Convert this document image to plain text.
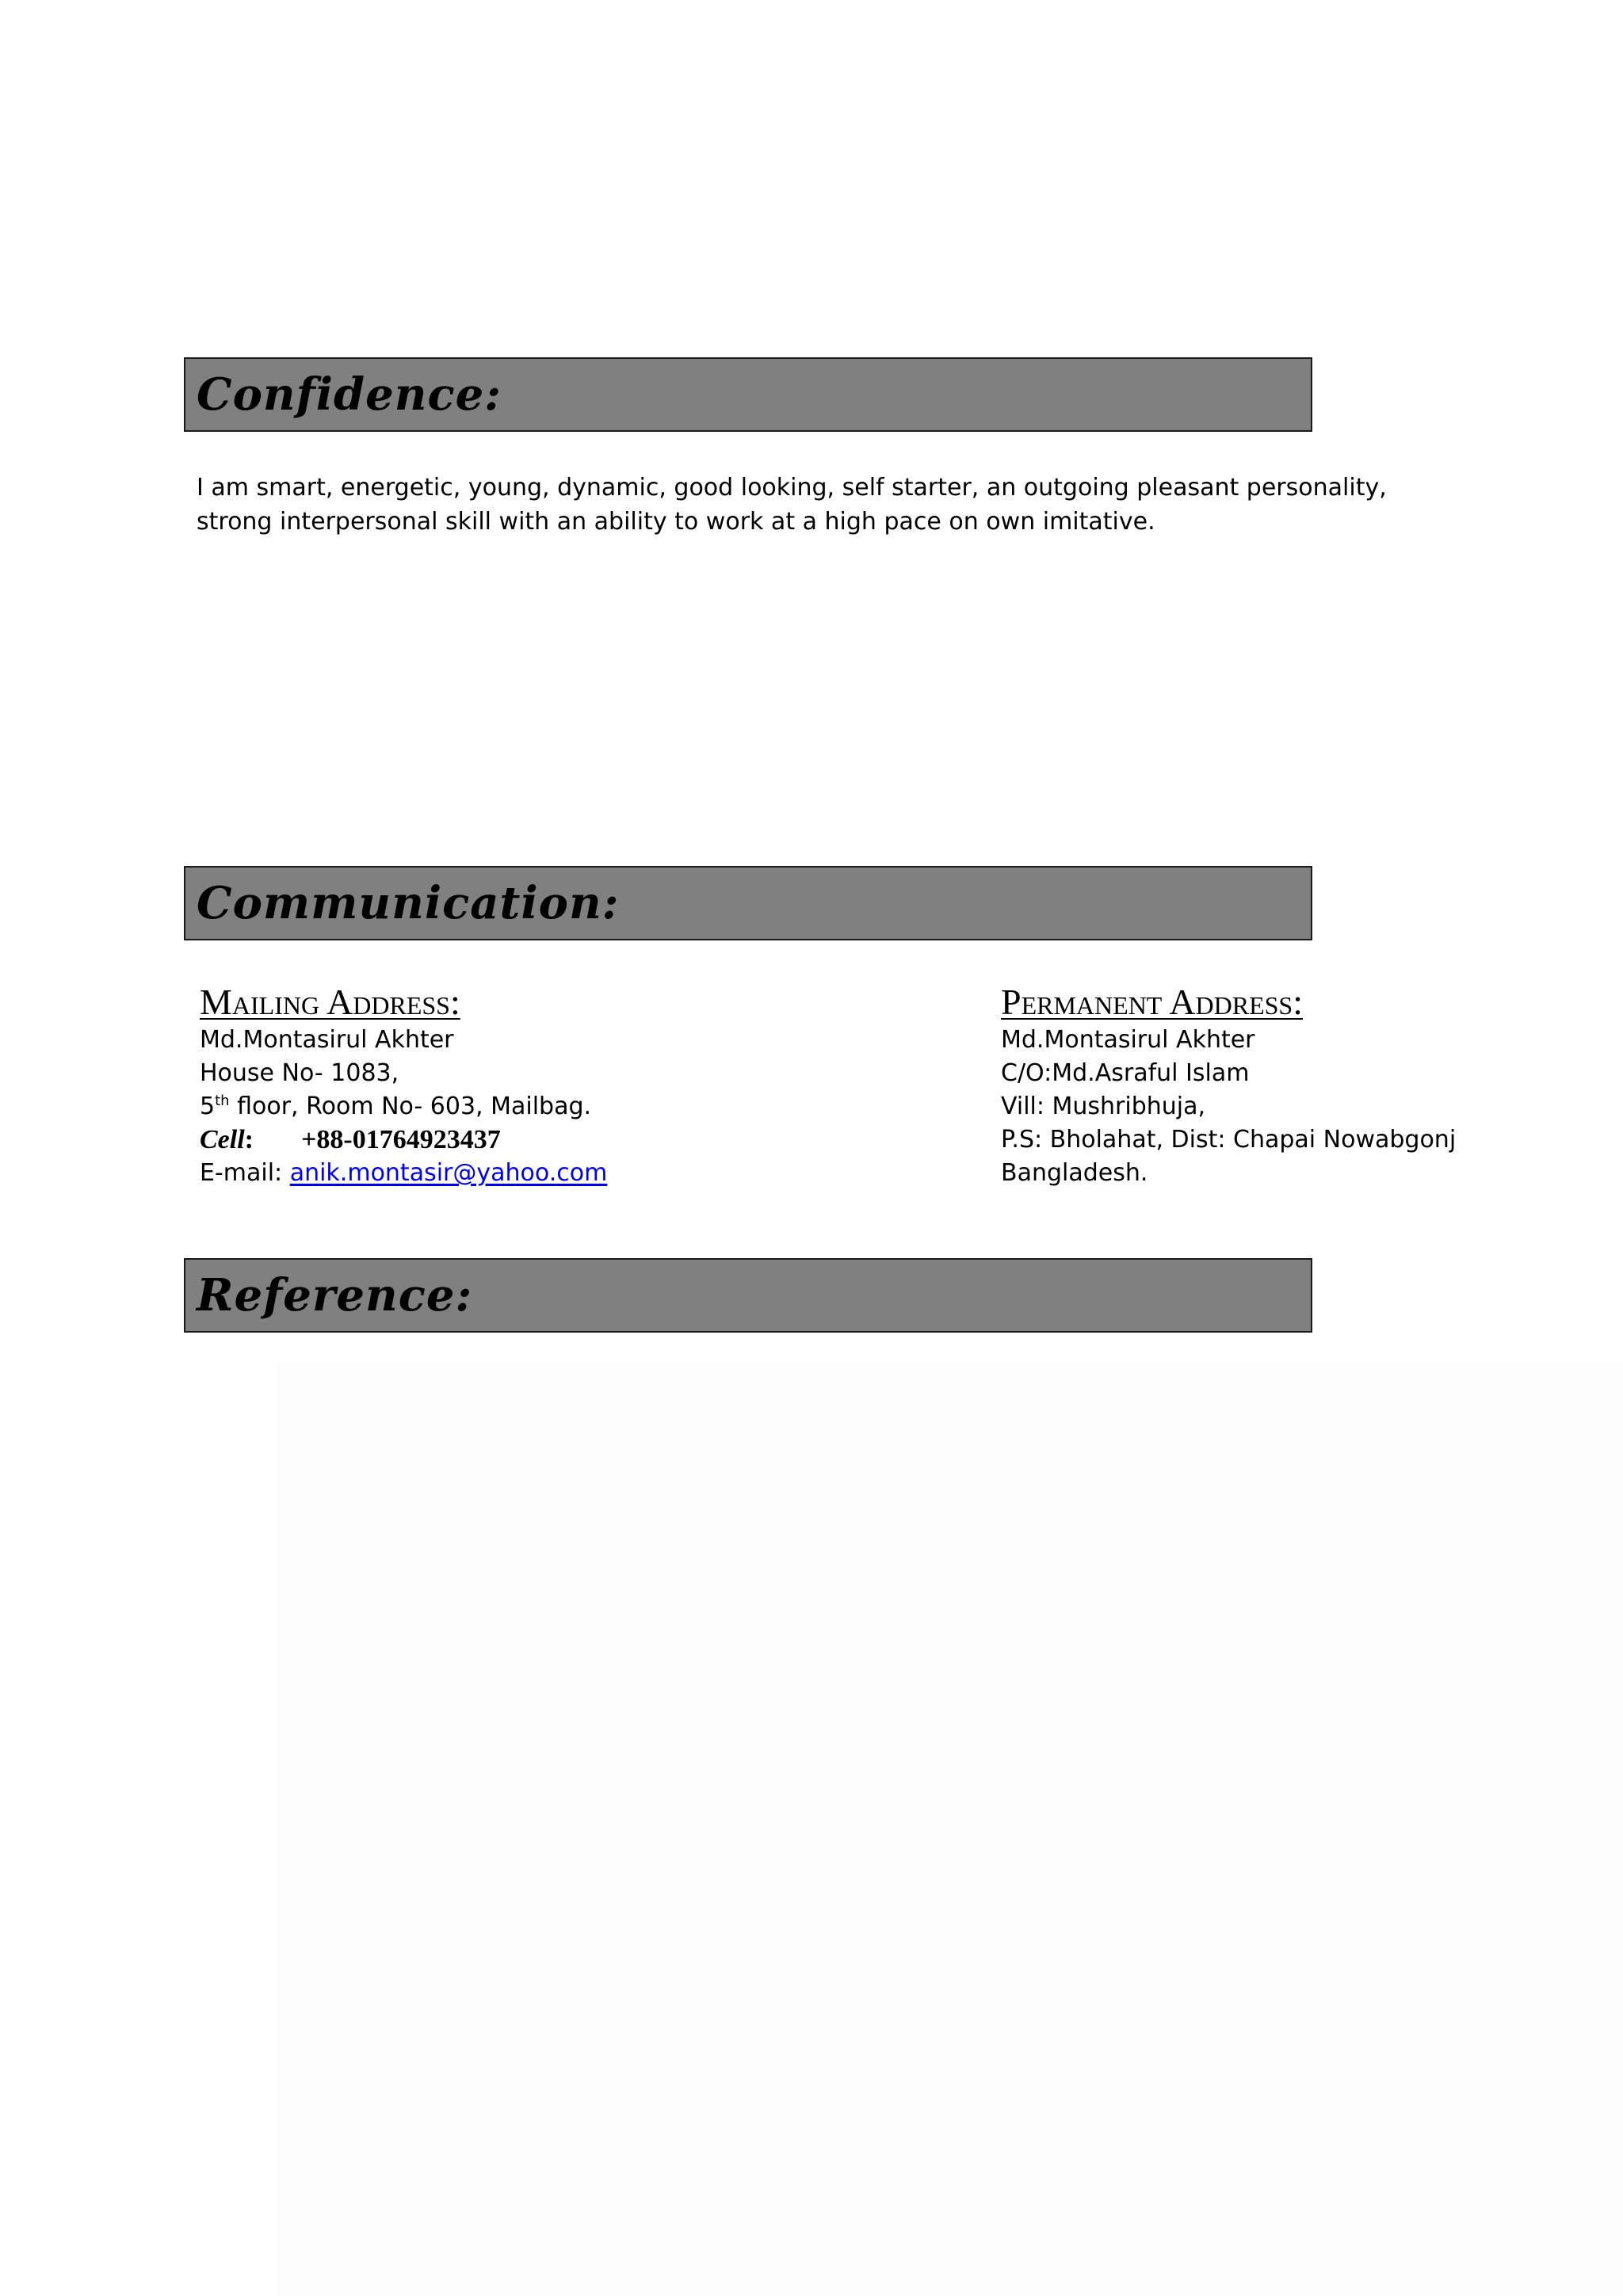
Confidence:

I am smart, energetic, young, dynamic, good looking, self starter, an outgoing pleasant personality, strong interpersonal skill with an ability to work at a high pace on own imitative.

Communication:
Mailing Address:
Md.Montasirul Akhter
House No- 1083,
5th floor, Room No- 603, Mailbag.
Cell: +88-01764923437
E-mail: anik.montasir@yahoo.com
Permanent Address:
Md.Montasirul Akhter
C/O:Md.Asraful Islam
Vill: Mushribhuja,
P.S: Bholahat, Dist: Chapai Nowabgonj
Bangladesh.
Reference:
